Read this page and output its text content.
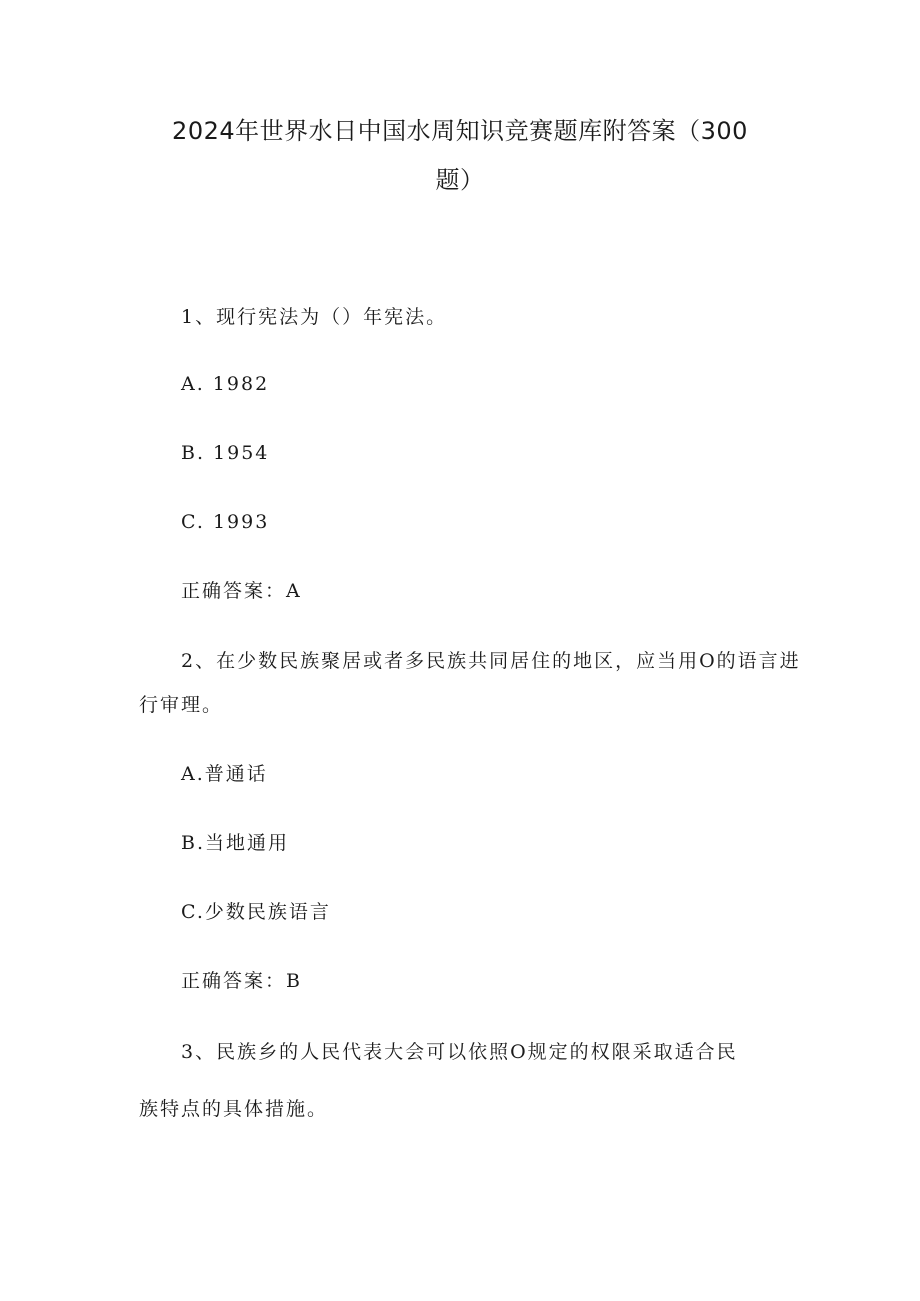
2024年世界水日中国水周知识竞赛题库附答案（300
题）
1、现行宪法为（）年宪法。
A. 1982
B. 1954
C. 1993
正确答案：A
2、在少数民族聚居或者多民族共同居住的地区，应当用O的语言进
行审理。
A.普通话
B.当地通用
C.少数民族语言
正确答案：B
3、民族乡的人民代表大会可以依照O规定的权限采取适合民
族特点的具体措施。
